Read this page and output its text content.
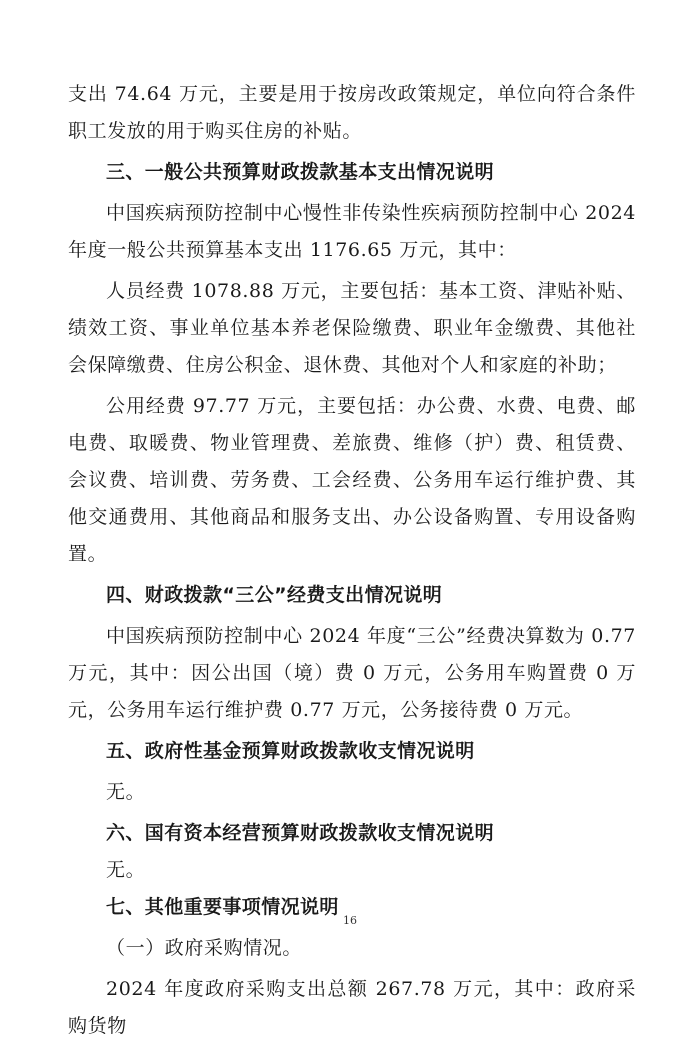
支出 74.64 万元，主要是用于按房改政策规定，单位向符合条件职工发放的用于购买住房的补贴。

三、一般公共预算财政拨款基本支出情况说明

中国疾病预防控制中心慢性非传染性疾病预防控制中心 2024 年度一般公共预算基本支出 1176.65 万元，其中：

人员经费 1078.88 万元，主要包括：基本工资、津贴补贴、绩效工资、事业单位基本养老保险缴费、职业年金缴费、其他社会保障缴费、住房公积金、退休费、其他对个人和家庭的补助；

公用经费 97.77 万元，主要包括：办公费、水费、电费、邮电费、取暖费、物业管理费、差旅费、维修（护）费、租赁费、会议费、培训费、劳务费、工会经费、公务用车运行维护费、其他交通费用、其他商品和服务支出、办公设备购置、专用设备购置。

四、财政拨款“三公”经费支出情况说明

中国疾病预防控制中心 2024 年度“三公”经费决算数为 0.77 万元，其中：因公出国（境）费 0 万元，公务用车购置费 0 万元，公务用车运行维护费 0.77 万元，公务接待费 0 万元。

五、政府性基金预算财政拨款收支情况说明

无。

六、国有资本经营预算财政拨款收支情况说明

无。

七、其他重要事项情况说明

（一）政府采购情况。

2024 年度政府采购支出总额 267.78 万元，其中：政府采购货物

16
